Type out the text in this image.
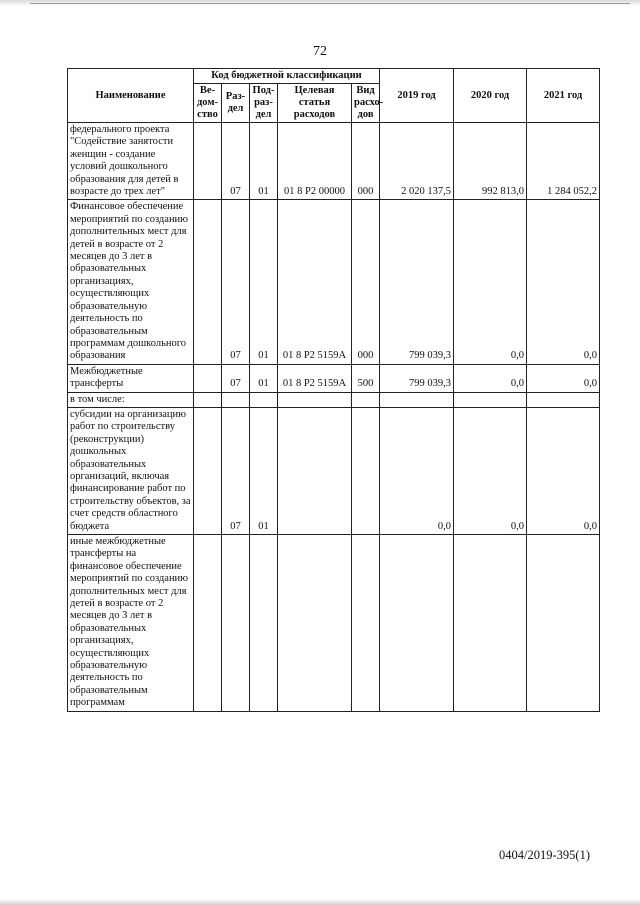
72
Наименование	Код бюджетной классификации					2019 год	2020 год	2021 год
	Ве-дом-ство	Раз-дел	Под-раз-дел	Целевая статья расходов	Вид расхо-дов			

федерального проекта "Содействие занятости женщин - создание условий дошкольного образования для детей в возрасте до трех лет"		07	01	01 8 P2 00000	000	2 020 137,5	992 813,0	1 284 052,2

Финансовое обеспечение мероприятий по созданию дополнительных мест для детей в возрасте от 2 месяцев до 3 лет в образовательных организациях, осуществляющих образовательную деятельность по образовательным программам дошкольного образования		07	01	01 8 P2 5159A	000	799 039,3	0,0	0,0

Межбюджетные трансферты		07	01	01 8 P2 5159A	500	799 039,3	0,0	0,0

в том числе:								

субсидии на организацию работ по строительству (реконструкции) дошкольных образовательных организаций, включая финансирование работ по строительству объектов, за счет средств областного бюджета		07	01			0,0	0,0	0,0

иные межбюджетные трансферты на финансовое обеспечение мероприятий по созданию дополнительных мест для детей в возрасте от 2 месяцев до 3 лет в образовательных организациях, осуществляющих образовательную деятельность по образовательным программам								

0404/2019-395(1)
